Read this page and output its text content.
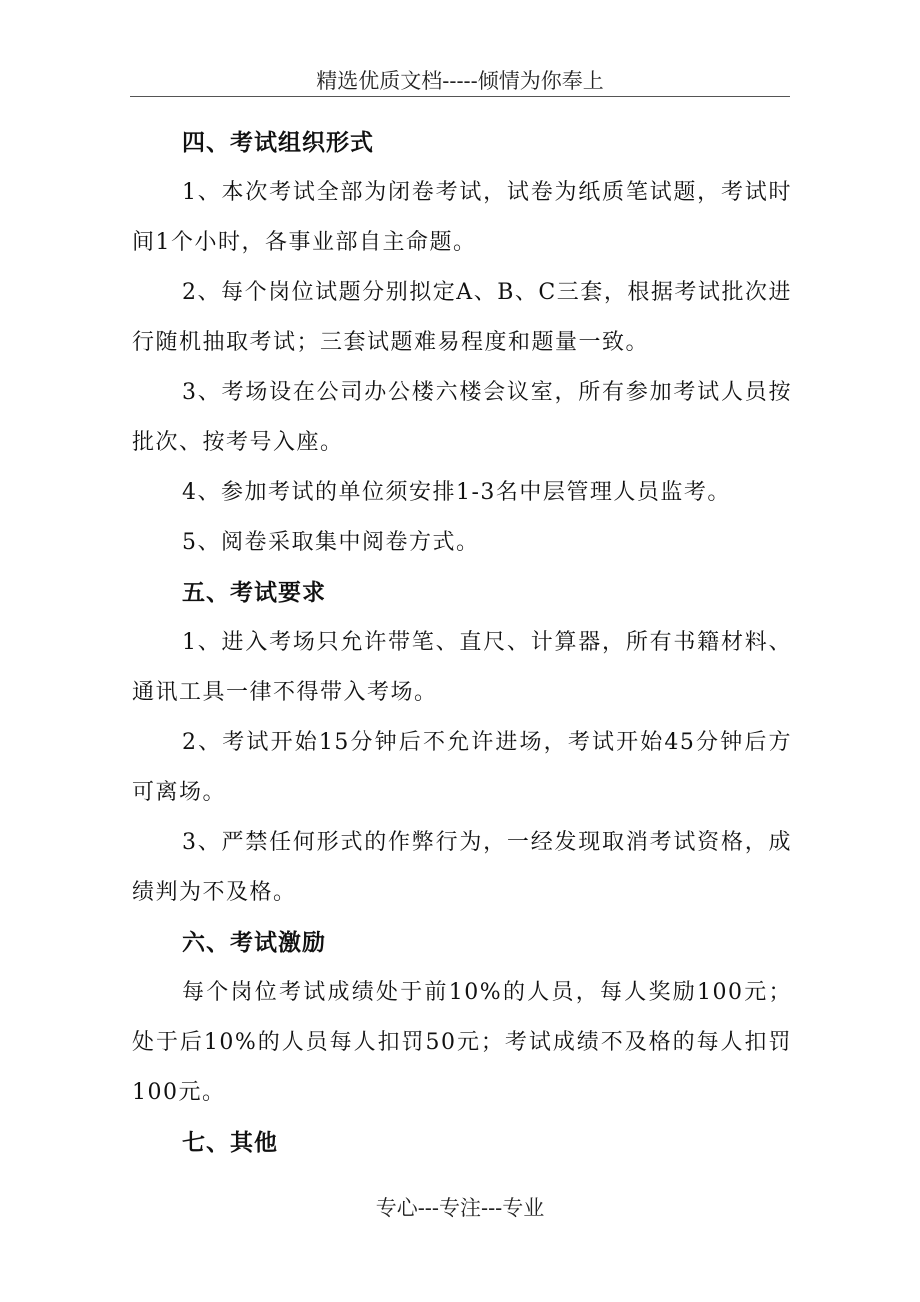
精选优质文档-----倾情为你奉上
四、考试组织形式
1、本次考试全部为闭卷考试，试卷为纸质笔试题，考试时间1个小时，各事业部自主命题。
2、每个岗位试题分别拟定A、B、C三套，根据考试批次进行随机抽取考试；三套试题难易程度和题量一致。
3、考场设在公司办公楼六楼会议室，所有参加考试人员按批次、按考号入座。
4、参加考试的单位须安排1-3名中层管理人员监考。
5、阅卷采取集中阅卷方式。
五、考试要求
1、进入考场只允许带笔、直尺、计算器，所有书籍材料、通讯工具一律不得带入考场。
2、考试开始15分钟后不允许进场，考试开始45分钟后方可离场。
3、严禁任何形式的作弊行为，一经发现取消考试资格，成绩判为不及格。
六、考试激励
每个岗位考试成绩处于前10%的人员，每人奖励100元；处于后10%的人员每人扣罚50元；考试成绩不及格的每人扣罚100元。
七、其他
专心---专注---专业
